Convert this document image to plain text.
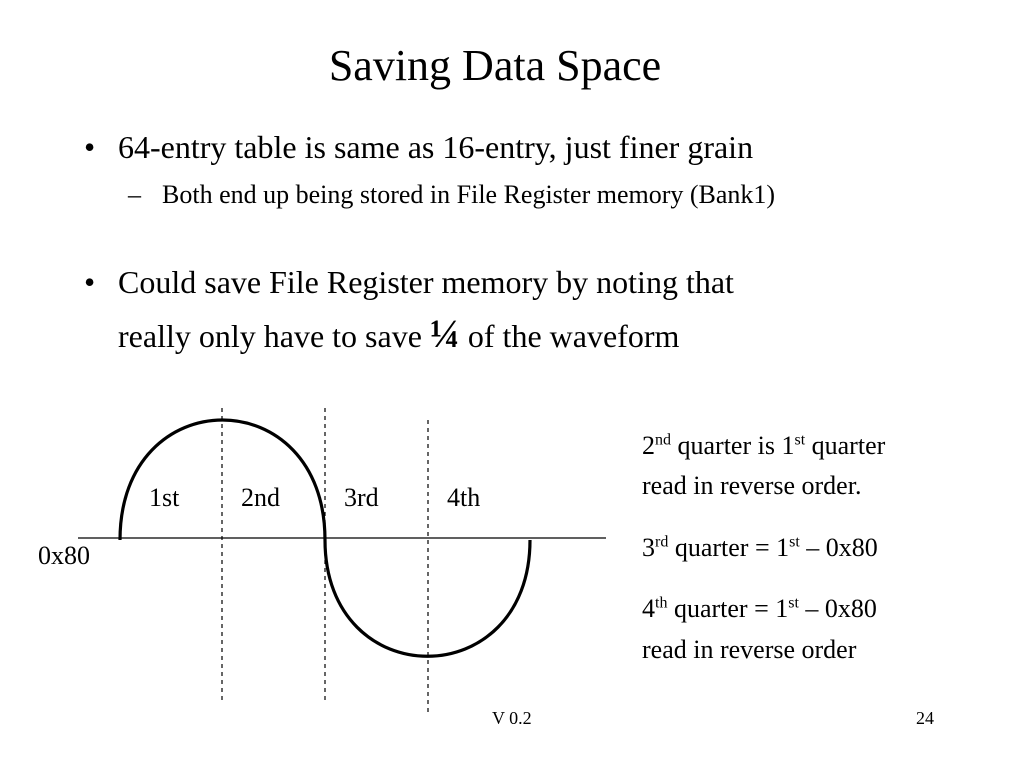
Saving Data Space
• 64-entry table is same as 16-entry, just finer grain
– Both end up being stored in File Register memory (Bank1)
• Could save File Register memory by noting that
really only have to save ¼ of the waveform
1st 2nd 3rd	4th
0x80
2nd quarter is 1st quarter
read in reverse order.
3rd quarter = 1st – 0x80
4th quarter = 1st – 0x80
read in reverse order
V 0.2	24
